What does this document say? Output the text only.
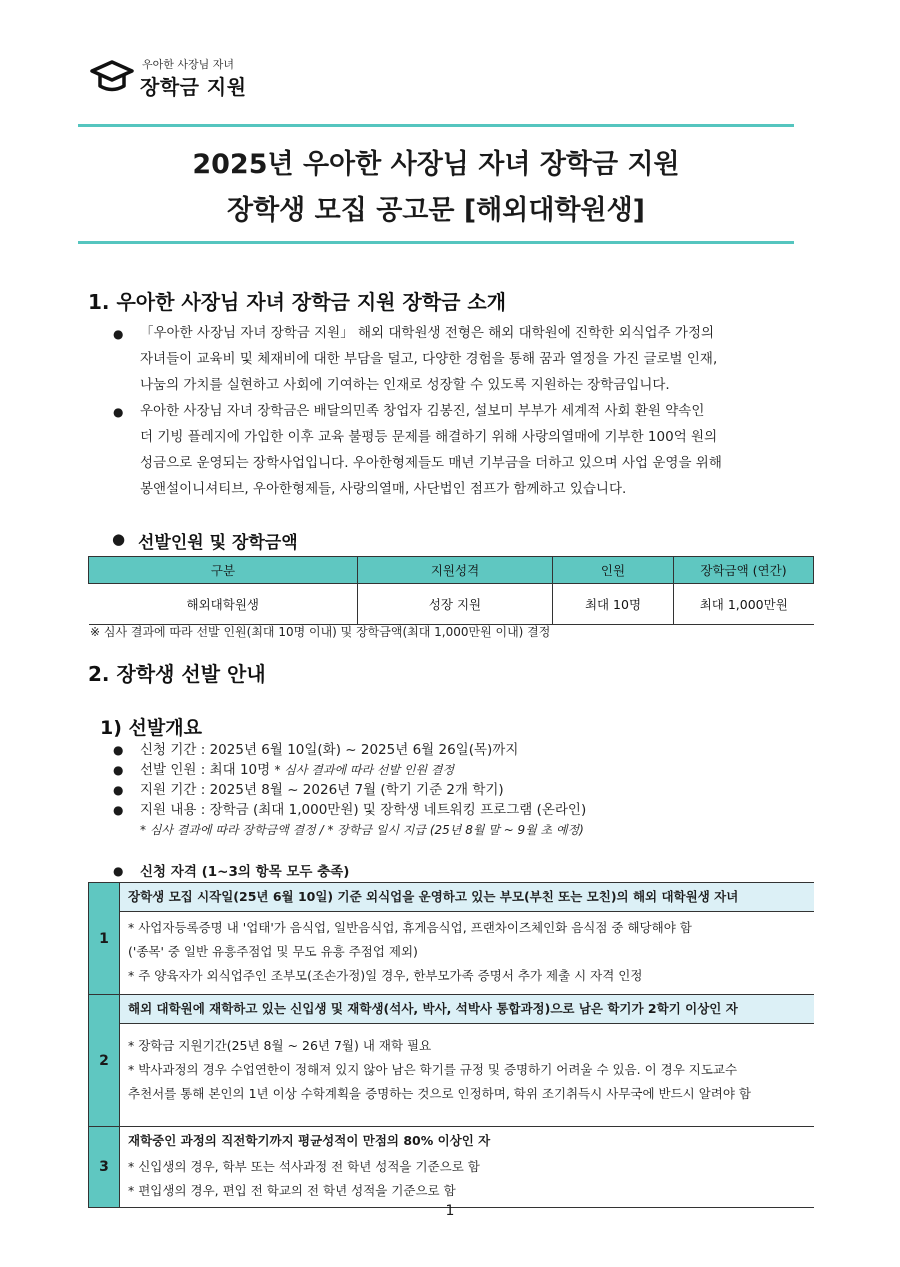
우아한 사장님 자녀
장학금 지원
2025년 우아한 사장님 자녀 장학금 지원
장학생 모집 공고문 [해외대학원생]
1. 우아한 사장님 자녀 장학금 지원 장학금 소개
● 「우아한 사장님 자녀 장학금 지원」 해외 대학원생 전형은 해외 대학원에 진학한 외식업주 가정의

자녀들이 교육비 및 체재비에 대한 부담을 덜고, 다양한 경험을 통해 꿈과 열정을 가진 글로벌 인재,

나눔의 가치를 실현하고 사회에 기여하는 인재로 성장할 수 있도록 지원하는 장학금입니다.

● 우아한 사장님 자녀 장학금은 배달의민족 창업자 김봉진, 설보미 부부가 세계적 사회 환원 약속인

더 기빙 플레지에 가입한 이후 교육 불평등 문제를 해결하기 위해 사랑의열매에 기부한 100억 원의

성금으로 운영되는 장학사업입니다. 우아한형제들도 매년 기부금을 더하고 있으며 사업 운영을 위해

봉앤설이니셔티브, 우아한형제들, 사랑의열매, 사단법인 점프가 함께하고 있습니다.

● 선발인원 및 장학금액
구분	지원성격	인원	장학금액 (연간)
해외대학원생	성장 지원	최대 10명	최대 1,000만원
※ 심사 결과에 따라 선발 인원(최대 10명 이내) 및 장학금액(최대 1,000만원 이내) 결정
2. 장학생 선발 안내
1) 선발개요
●
●
●
●

신청 기간 : 2025년 6월 10일(화) ~ 2025년 6월 26일(목)까지

선발 인원 : 최대 10명 * 심사 결과에 따라 선발 인원 결정

지원 기간 : 2025년 8월 ~ 2026년 7월 (학기 기준 2개 학기)

지원 내용 : 장학금 (최대 1,000만원) 및 장학생 네트워킹 프로그램 (온라인)

* 심사 결과에 따라 장학금액 결정 / * 장학금 일시 지급 (25년 8월 말 ~ 9월 초 예정)

● 신청 자격 (1~3의 항목 모두 충족)
1	장학생 모집 시작일(25년 6월 10일) 기준 외식업을 운영하고 있는 부모(부친 또는 모친)의 해외 대학원생 자녀

	* 사업자등록증명 내 '업태'가 음식업, 일반음식업, 휴게음식업, 프랜차이즈체인화 음식점 중 해당해야 함

('종목' 중 일반 유흥주점업 및 무도 유흥 주점업 제외)

* 주 양육자가 외식업주인 조부모(조손가정)일 경우, 한부모가족 증명서 추가 제출 시 자격 인정

2	해외 대학원에 재학하고 있는 신입생 및 재학생(석사, 박사, 석박사 통합과정)으로 남은 학기가 2학기 이상인 자

	* 장학금 지원기간(25년 8월 ~ 26년 7월) 내 재학 필요

* 박사과정의 경우 수업연한이 정해져 있지 않아 남은 학기를 규정 및 증명하기 어려울 수 있음. 이 경우 지도교수

추천서를 통해 본인의 1년 이상 수학계획을 증명하는 것으로 인정하며, 학위 조기취득시 사무국에 반드시 알려야 함

3	재학중인 과정의 직전학기까지 평균성적이 만점의 80% 이상인 자

	* 신입생의 경우, 학부 또는 석사과정 전 학년 성적을 기준으로 함

* 편입생의 경우, 편입 전 학교의 전 학년 성적을 기준으로 함

1
